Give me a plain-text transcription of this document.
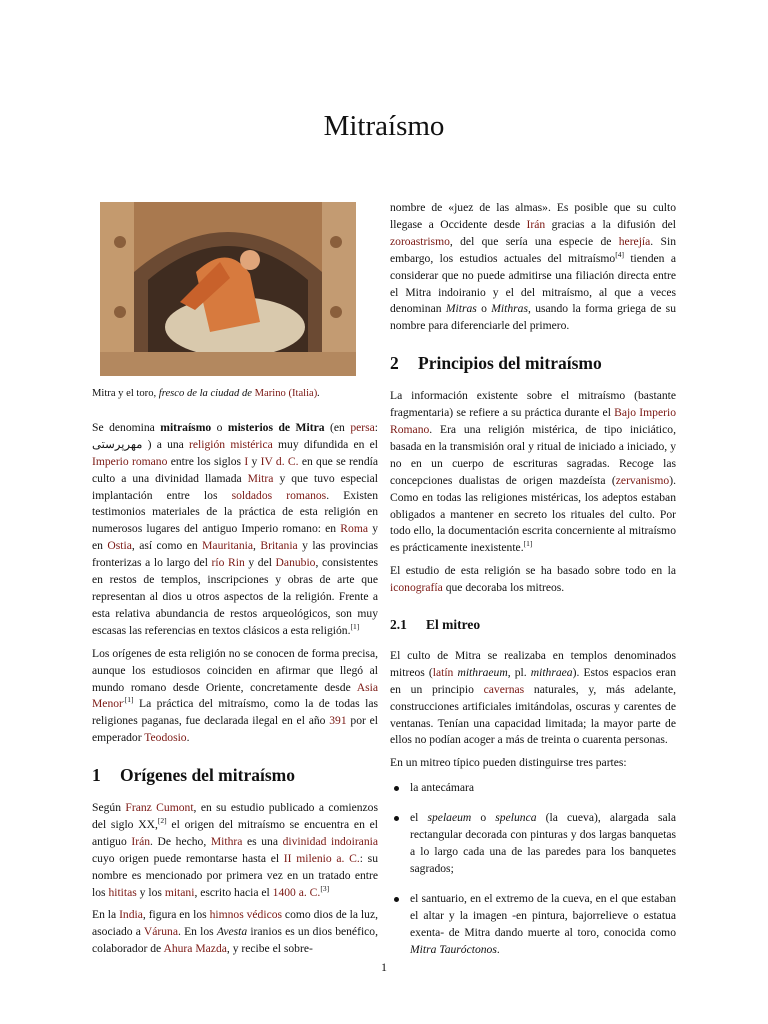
Mitraísmo
Mitra y el toro, fresco de la ciudad de Marino (Italia).

Se denomina mitraísmo o misterios de Mitra (en persa: مهرپرستی ) a una religión mistérica muy difundida en el Imperio romano entre los siglos I y IV d. C. en que se rendía culto a una divinidad llamada Mitra y que tuvo especial implantación entre los soldados romanos. Existen testimonios materiales de la práctica de esta religión en numerosos lugares del antiguo Imperio romano: en Roma y en Ostia, así como en Mauritania, Britania y las provincias fronterizas a lo largo del río Rin y del Danubio, consistentes en restos de templos, inscripciones y obras de arte que representan al dios u otros aspectos de la religión. Frente a esta relativa abundancia de restos arqueológicos, son muy escasas las referencias en textos clásicos a esta religión.[1]

Los orígenes de esta religión no se conocen de forma precisa, aunque los estudiosos coinciden en afirmar que llegó al mundo romano desde Oriente, concretamente desde Asia Menor$^{.[1]}$ La práctica del mitraísmo, como la de todas las religiones paganas, fue declarada ilegal en el año 391 por el emperador Teodosio.

1 Orígenes del mitraísmo

Según Franz Cumont, en su estudio publicado a comienzos del siglo XX,[2] el origen del mitraísmo se encuentra en el antiguo Irán. De hecho, Mithra es una divinidad indoirania cuyo origen puede remontarse hasta el II milenio a. C.: su nombre es mencionado por primera vez en un tratado entre los hititas y los mitani, escrito hacia el 1400 a. C.[3]

En la India, figura en los himnos védicos como dios de la luz, asociado a Váruna. En los Avesta iranios es un dios benéfico, colaborador de Ahura Mazda, y recibe el sobre-

nombre de «juez de las almas». Es posible que su culto llegase a Occidente desde Irán gracias a la difusión del zoroastrismo, del que sería una especie de herejía. Sin embargo, los estudios actuales del mitraísmo[4] tienden a considerar que no puede admitirse una filiación directa entre el Mitra indoiranio y el del mitraísmo, al que a veces denominan Mitras o Mithras, usando la forma griega de su nombre para diferenciarle del primero.

2 Principios del mitraísmo

La información existente sobre el mitraísmo (bastante fragmentaria) se refiere a su práctica durante el Bajo Imperio Romano. Era una religión mistérica, de tipo iniciático, basada en la transmisión oral y ritual de iniciado a iniciado, y no en un cuerpo de escrituras sagradas. Recoge las concepciones dualistas de origen mazdeísta (zervanismo). Como en todas las religiones mistéricas, los adeptos estaban obligados a mantener en secreto los rituales del culto. Por todo ello, la documentación escrita concerniente al mitraísmo es prácticamente inexistente.[1]

El estudio de esta religión se ha basado sobre todo en la iconografía que decoraba los mitreos.

2.1 El mitreo

El culto de Mitra se realizaba en templos denominados mitreos (latín mithraeum, pl. mithraea). Estos espacios eran en un principio cavernas naturales, y, más adelante, construcciones artificiales imitándolas, oscuras y carentes de ventanas. Tenían una capacidad limitada; la mayor parte de ellos no podían acoger a más de treinta o cuarenta personas.

En un mitreo típico pueden distinguirse tres partes:

la antecámara
el spelaeum o spelunca (la cueva), alargada sala rectangular decorada con pinturas y dos largas banquetas a lo largo cada una de las paredes para los banquetes sagrados;
el santuario, en el extremo de la cueva, en el que estaban el altar y la imagen -en pintura, bajorrelieve o estatua exenta- de Mitra dando muerte al toro, conocida como Mitra Tauróctonos.
1
